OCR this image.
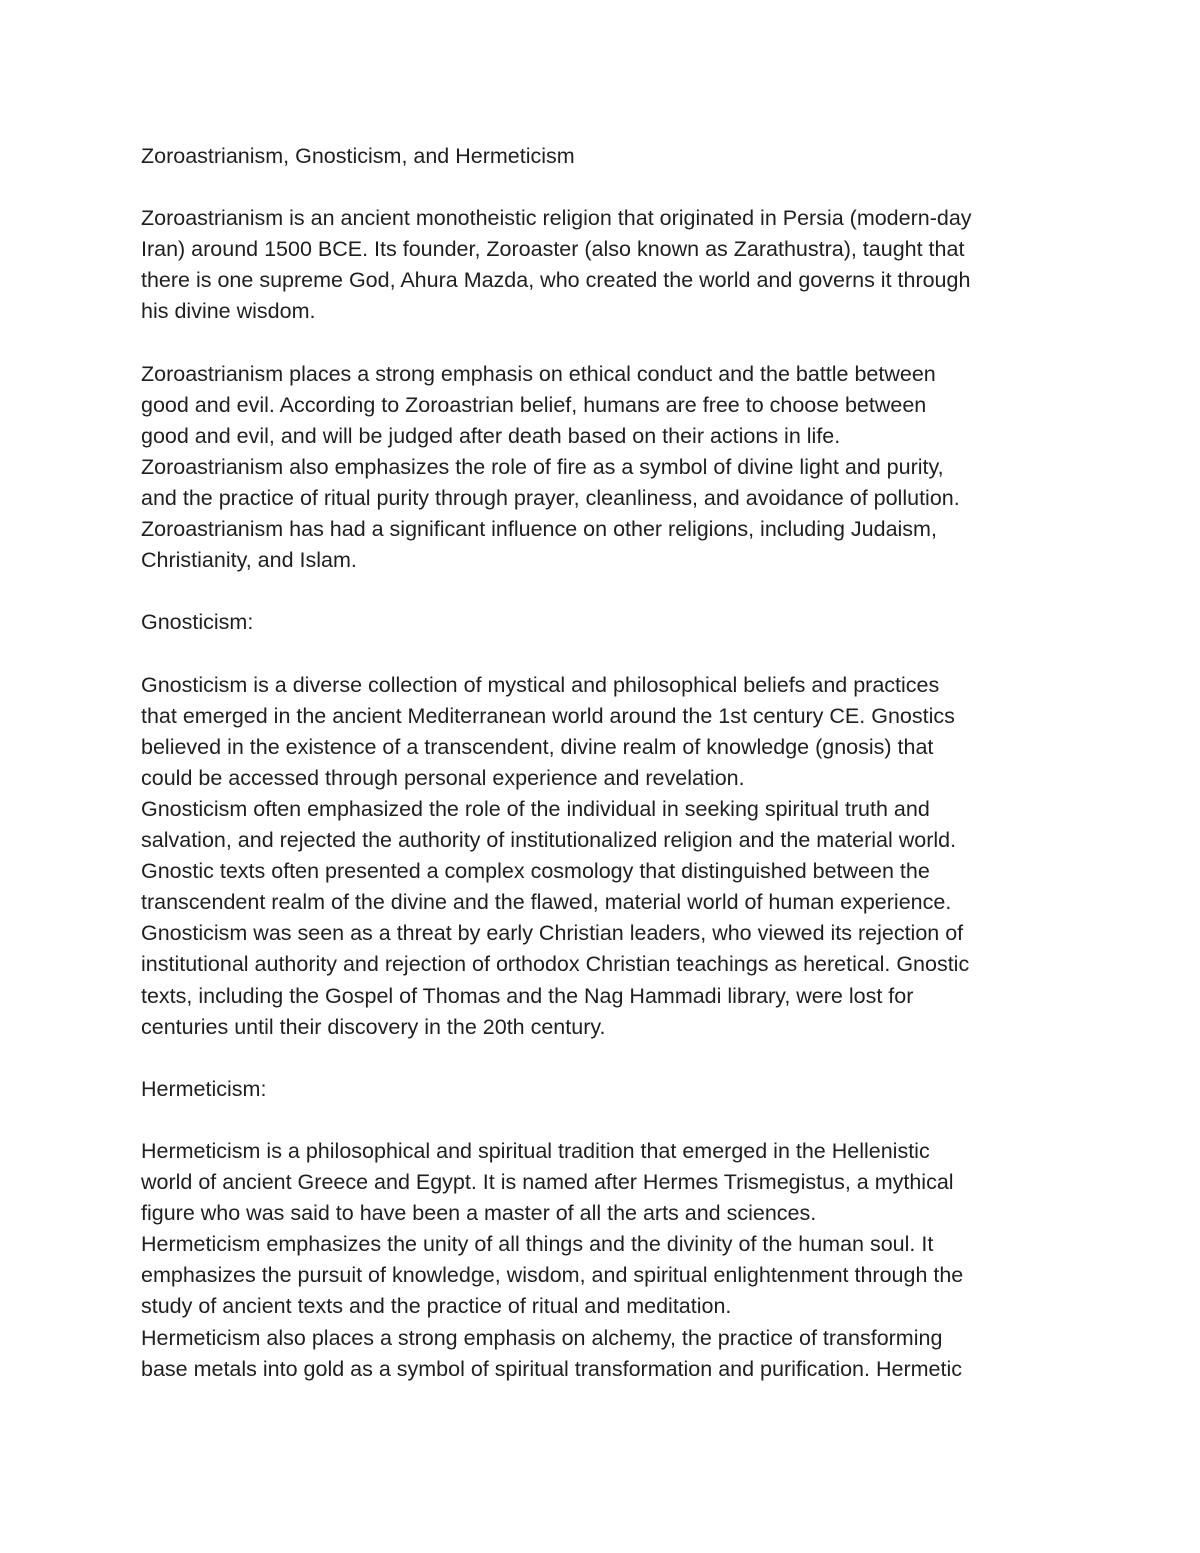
Zoroastrianism, Gnosticism, and Hermeticism
Zoroastrianism is an ancient monotheistic religion that originated in Persia (modern-day
Iran) around 1500 BCE. Its founder, Zoroaster (also known as Zarathustra), taught that
there is one supreme God, Ahura Mazda, who created the world and governs it through
his divine wisdom.
Zoroastrianism places a strong emphasis on ethical conduct and the battle between
good and evil. According to Zoroastrian belief, humans are free to choose between
good and evil, and will be judged after death based on their actions in life.
Zoroastrianism also emphasizes the role of fire as a symbol of divine light and purity,
and the practice of ritual purity through prayer, cleanliness, and avoidance of pollution.
Zoroastrianism has had a significant influence on other religions, including Judaism,
Christianity, and Islam.
Gnosticism:
Gnosticism is a diverse collection of mystical and philosophical beliefs and practices
that emerged in the ancient Mediterranean world around the 1st century CE. Gnostics
believed in the existence of a transcendent, divine realm of knowledge (gnosis) that
could be accessed through personal experience and revelation.
Gnosticism often emphasized the role of the individual in seeking spiritual truth and
salvation, and rejected the authority of institutionalized religion and the material world.
Gnostic texts often presented a complex cosmology that distinguished between the
transcendent realm of the divine and the flawed, material world of human experience.
Gnosticism was seen as a threat by early Christian leaders, who viewed its rejection of
institutional authority and rejection of orthodox Christian teachings as heretical. Gnostic
texts, including the Gospel of Thomas and the Nag Hammadi library, were lost for
centuries until their discovery in the 20th century.
Hermeticism:
Hermeticism is a philosophical and spiritual tradition that emerged in the Hellenistic
world of ancient Greece and Egypt. It is named after Hermes Trismegistus, a mythical
figure who was said to have been a master of all the arts and sciences.
Hermeticism emphasizes the unity of all things and the divinity of the human soul. It
emphasizes the pursuit of knowledge, wisdom, and spiritual enlightenment through the
study of ancient texts and the practice of ritual and meditation.
Hermeticism also places a strong emphasis on alchemy, the practice of transforming
base metals into gold as a symbol of spiritual transformation and purification. Hermetic
